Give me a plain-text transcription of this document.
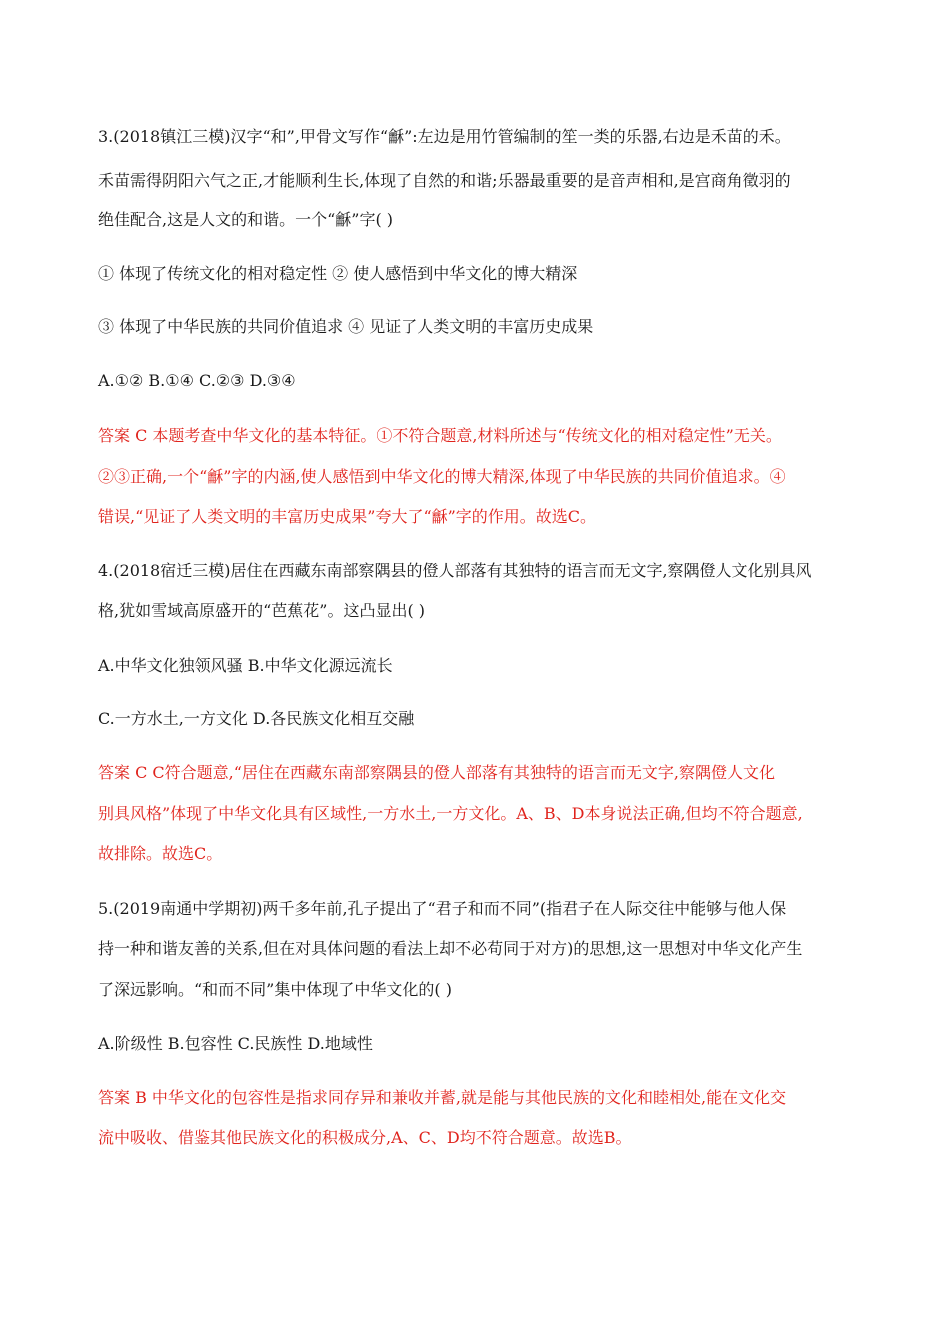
3.(2018镇江三模)汉字“和”,甲骨文写作“龢”:左边是用竹管编制的笙一类的乐器,右边是禾苗的禾。
禾苗需得阴阳六气之正,才能顺利生长,体现了自然的和谐;乐器最重要的是音声相和,是宫商角徵羽的
绝佳配合,这是人文的和谐。一个“龢”字( )
① 体现了传统文化的相对稳定性 ② 使人感悟到中华文化的博大精深
③ 体现了中华民族的共同价值追求 ④ 见证了人类文明的丰富历史成果
A.①② B.①④ C.②③ D.③④
答案 C 本题考查中华文化的基本特征。①不符合题意,材料所述与“传统文化的相对稳定性”无关。
②③正确,一个“龢”字的内涵,使人感悟到中华文化的博大精深,体现了中华民族的共同价值追求。④
错误,“见证了人类文明的丰富历史成果”夸大了“龢”字的作用。故选C。
4.(2018宿迁三模)居住在西藏东南部察隅县的僜人部落有其独特的语言而无文字,察隅僜人文化别具风
格,犹如雪域高原盛开的“芭蕉花”。这凸显出( )
A.中华文化独领风骚 B.中华文化源远流长
C.一方水土,一方文化 D.各民族文化相互交融
答案 C C符合题意,“居住在西藏东南部察隅县的僜人部落有其独特的语言而无文字,察隅僜人文化
别具风格”体现了中华文化具有区域性,一方水土,一方文化。A、B、D本身说法正确,但均不符合题意,
故排除。故选C。
5.(2019南通中学期初)两千多年前,孔子提出了“君子和而不同”(指君子在人际交往中能够与他人保
持一种和谐友善的关系,但在对具体问题的看法上却不必苟同于对方)的思想,这一思想对中华文化产生
了深远影响。“和而不同”集中体现了中华文化的( )
A.阶级性 B.包容性 C.民族性 D.地域性
答案 B 中华文化的包容性是指求同存异和兼收并蓄,就是能与其他民族的文化和睦相处,能在文化交
流中吸收、借鉴其他民族文化的积极成分,A、C、D均不符合题意。故选B。
